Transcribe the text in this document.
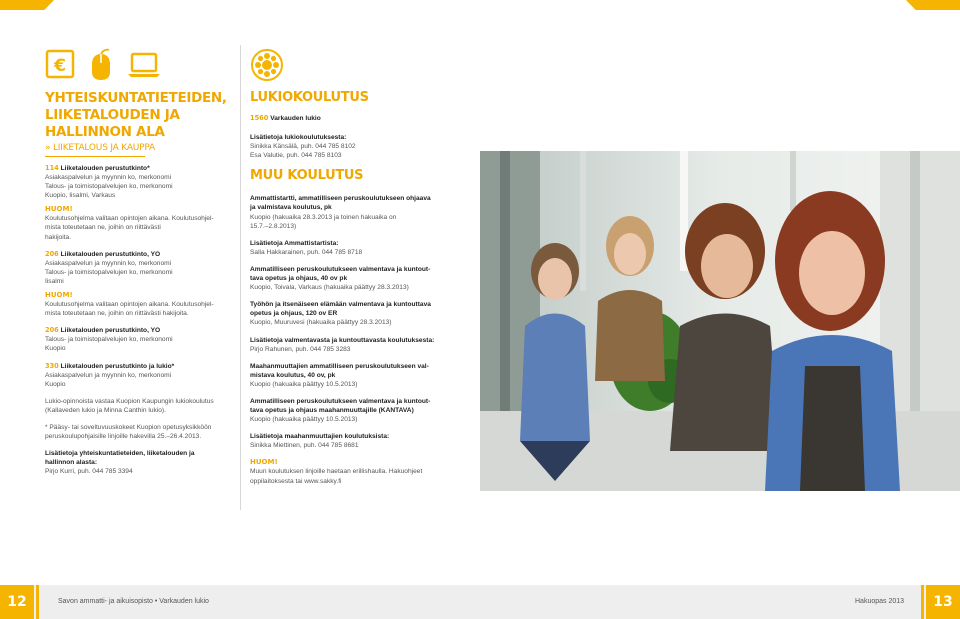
€
YHTEISKUNTATIETEIDEN,
LIIKETALOUDEN JA HALLINNON ALA
» LIIKETALOUS JA KAUPPA
114 Liiketalouden perustutkinto*
Asiakaspalvelun ja myynnin ko, merkonomi
Talous- ja toimistopalvelujen ko, merkonomi
Kuopio, Iisalmi, Varkaus
HUOM!
Koulutusohjelma valitaan opintojen aikana. Koulutusohjel-
mista toteutetaan ne, joihin on riittävästi
hakijoita.
206 Liiketalouden perustutkinto, YO
Asiakaspalvelun ja myynnin ko, merkonomi
Talous- ja toimistopalvelujen ko, merkonomi
Iisalmi
HUOM!
Koulutusohjelma valitaan opintojen aikana. Koulutusohjel-
mista toteutetaan ne, joihin on riittävästi hakijoita.
206 Liiketalouden perustutkinto, YO
Talous- ja toimistopalvelujen ko, merkonomi
Kuopio
330 Liiketalouden perustutkinto ja lukio*
Asiakaspalvelun ja myynnin ko, merkonomi
Kuopio
Lukio-opinnoista vastaa Kuopion Kaupungin lukiokoulutus
(Kallaveden lukio ja Minna Canthin lukio).
* Pääsy- tai soveltuvuuskokeet Kuopion opetusyksikköön
peruskoulupohjaisille linjoille hakevilla 25.–26.4.2013.
Lisätietoja yhteiskuntatieteiden, liiketalouden ja
hallinnon alasta:
Pirjo Kurri, puh. 044 785 3394
LUKIOKOULUTUS
1560 Varkauden lukio
Lisätietoja lukiokoulutuksesta:
Sinikka Känsälä, puh. 044 785 8102
Esa Valutie, puh. 044 785 8103
MUU KOULUTUS
Ammattistartti, ammatilliseen peruskoulutukseen ohjaava
ja valmistava koulutus, pk
Kuopio (hakuaika 28.3.2013 ja toinen hakuaika on
15.7.–2.8.2013)
Lisätietoja Ammattistartista:
Salla Hakkarainen, puh. 044 785 8718
Ammatilliseen peruskoulutukseen valmentava ja kuntout-
tava opetus ja ohjaus, 40 ov pk
Kuopio, Toivala, Varkaus (hakuaika päättyy 28.3.2013)
Työhön ja itsenäiseen elämään valmentava ja kuntouttava
opetus ja ohjaus, 120 ov ER
Kuopio, Muuruvesi (hakuaika päättyy 28.3.2013)
Lisätietoja valmentavasta ja kuntouttavasta koulutuksesta:
Pirjo Rahunen, puh. 044 785 3283
Maahanmuuttajien ammatilliseen peruskoulutukseen val-
mistava koulutus, 40 ov, pk
Kuopio (hakuaika päättyy 10.5.2013)
Ammatilliseen peruskoulutukseen valmentava ja kuntout-
tava opetus ja ohjaus maahanmuuttajille (KANTAVA)
Kuopio (hakuaika päättyy 10.5.2013)
Lisätietoja maahanmuuttajien koulutuksista:
Sinikka Miettinen, puh. 044 785 8681
HUOM!
Muun koulutuksen linjoille haetaan erillishaulla. Hakuohjeet
oppilaitoksesta tai www.sakky.fi
12	Savon ammatti- ja aikuisopisto • Varkauden lukio	Hakuopas 2013	13
